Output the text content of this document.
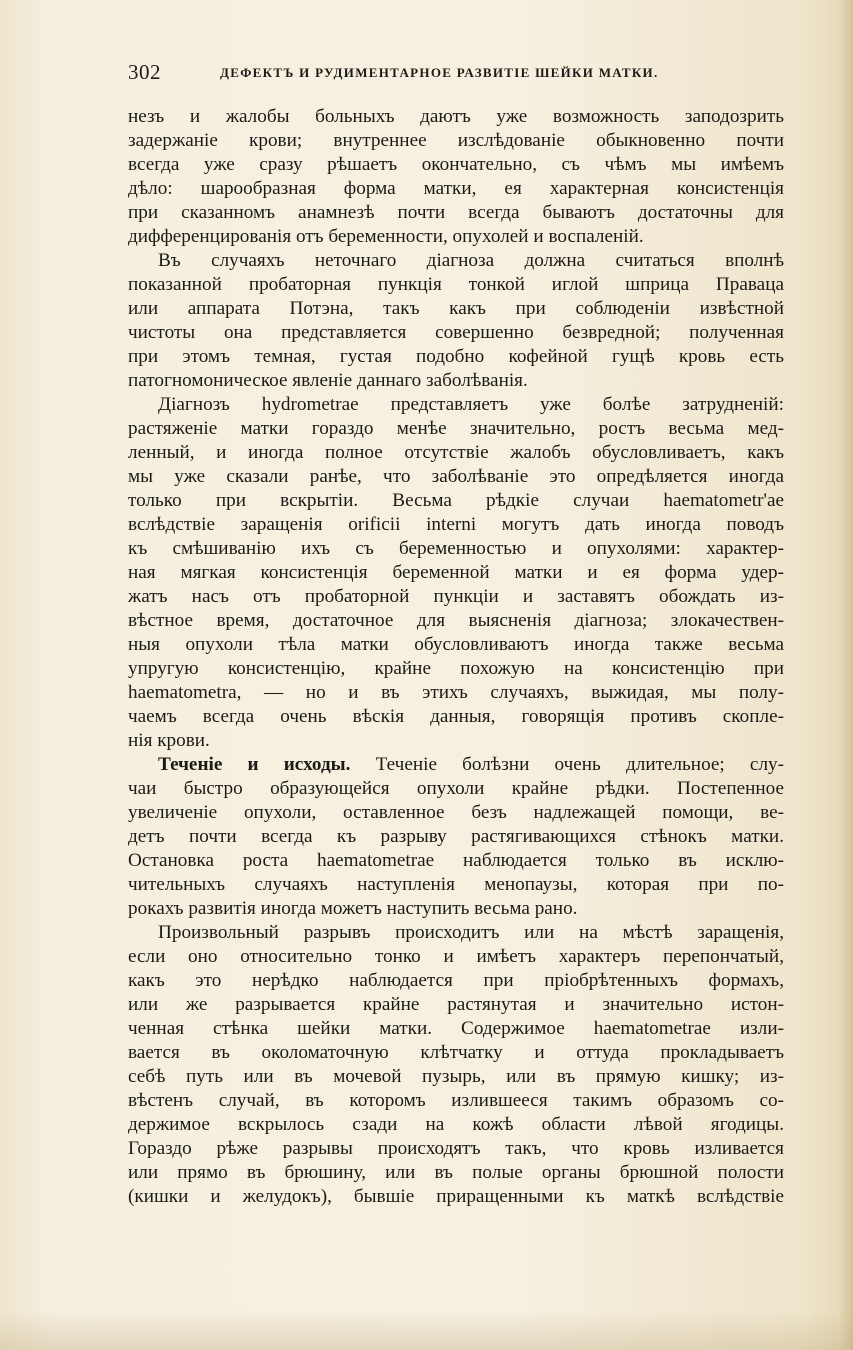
302	ДЕФЕКТЪ И РУДИМЕНТАРНОЕ РАЗВИТІЕ ШЕЙКИ МАТКИ.
незъ и жалобы больныхъ даютъ уже возможность заподозрить
задержаніе крови; внутреннее изслѣдованіе обыкновенно почти
всегда уже сразу рѣшаетъ окончательно, съ чѣмъ мы имѣемъ
дѣло: шарообразная форма матки, ея характерная консистенція
при сказанномъ анамнезѣ почти всегда бываютъ достаточны для
дифференцированія отъ беременности, опухолей и воспаленій.
Въ случаяхъ неточнаго діагноза должна считаться вполнѣ
показанной пробаторная пункція тонкой иглой шприца Праваца
или аппарата Потэна, такъ какъ при соблюденіи извѣстной
чистоты она представляется совершенно безвредной; полученная
при этомъ темная, густая подобно кофейной гущѣ кровь есть
патогномоническое явленіе даннаго заболѣванія.
Діагнозъ hydrometrae представляетъ уже болѣе затрудненій:
растяженіе матки гораздо менѣе значительно, ростъ весьма мед-
ленный, и иногда полное отсутствіе жалобъ обусловливаетъ, какъ
мы уже сказали ранѣе, что заболѣваніе это опредѣляется иногда
только при вскрытіи. Весьма рѣдкіе случаи haematometr'ae
вслѣдствіе заращенія orificii interni могутъ дать иногда поводъ
къ смѣшиванію ихъ съ беременностью и опухолями: характер-
ная мягкая консистенція беременной матки и ея форма удер-
жатъ насъ отъ пробаторной пункціи и заставятъ обождать из-
вѣстное время, достаточное для выясненія діагноза; злокачествен-
ныя опухоли тѣла матки обусловливаютъ иногда также весьма
упругую консистенцію, крайне похожую на консистенцію при
haematometra, — но и въ этихъ случаяхъ, выжидая, мы полу-
чаемъ всегда очень вѣскія данныя, говорящія противъ скопле-
нія крови.
Теченіе и исходы. Теченіе болѣзни очень длительное; слу-
чаи быстро образующейся опухоли крайне рѣдки. Постепенное
увеличеніе опухоли, оставленное безъ надлежащей помощи, ве-
детъ почти всегда къ разрыву растягивающихся стѣнокъ матки.
Остановка роста haematometrae наблюдается только въ исклю-
чительныхъ случаяхъ наступленія менопаузы, которая при по-
рокахъ развитія иногда можетъ наступить весьма рано.
Произвольный разрывъ происходитъ или на мѣстѣ заращенія,
если оно относительно тонко и имѣетъ характеръ перепончатый,
какъ это нерѣдко наблюдается при пріобрѣтенныхъ формахъ,
или же разрывается крайне растянутая и значительно истон-
ченная стѣнка шейки матки. Содержимое haematometrae изли-
вается въ околоматочную клѣтчатку и оттуда прокладываетъ
себѣ путь или въ мочевой пузырь, или въ прямую кишку; из-
вѣстенъ случай, въ которомъ излившееся такимъ образомъ со-
держимое вскрылось сзади на кожѣ области лѣвой ягодицы.
Гораздо рѣже разрывы происходятъ такъ, что кровь изливается
или прямо въ брюшину, или въ полые органы брюшной полости
(кишки и желудокъ), бывшіе приращенными къ маткѣ вслѣдствіе
